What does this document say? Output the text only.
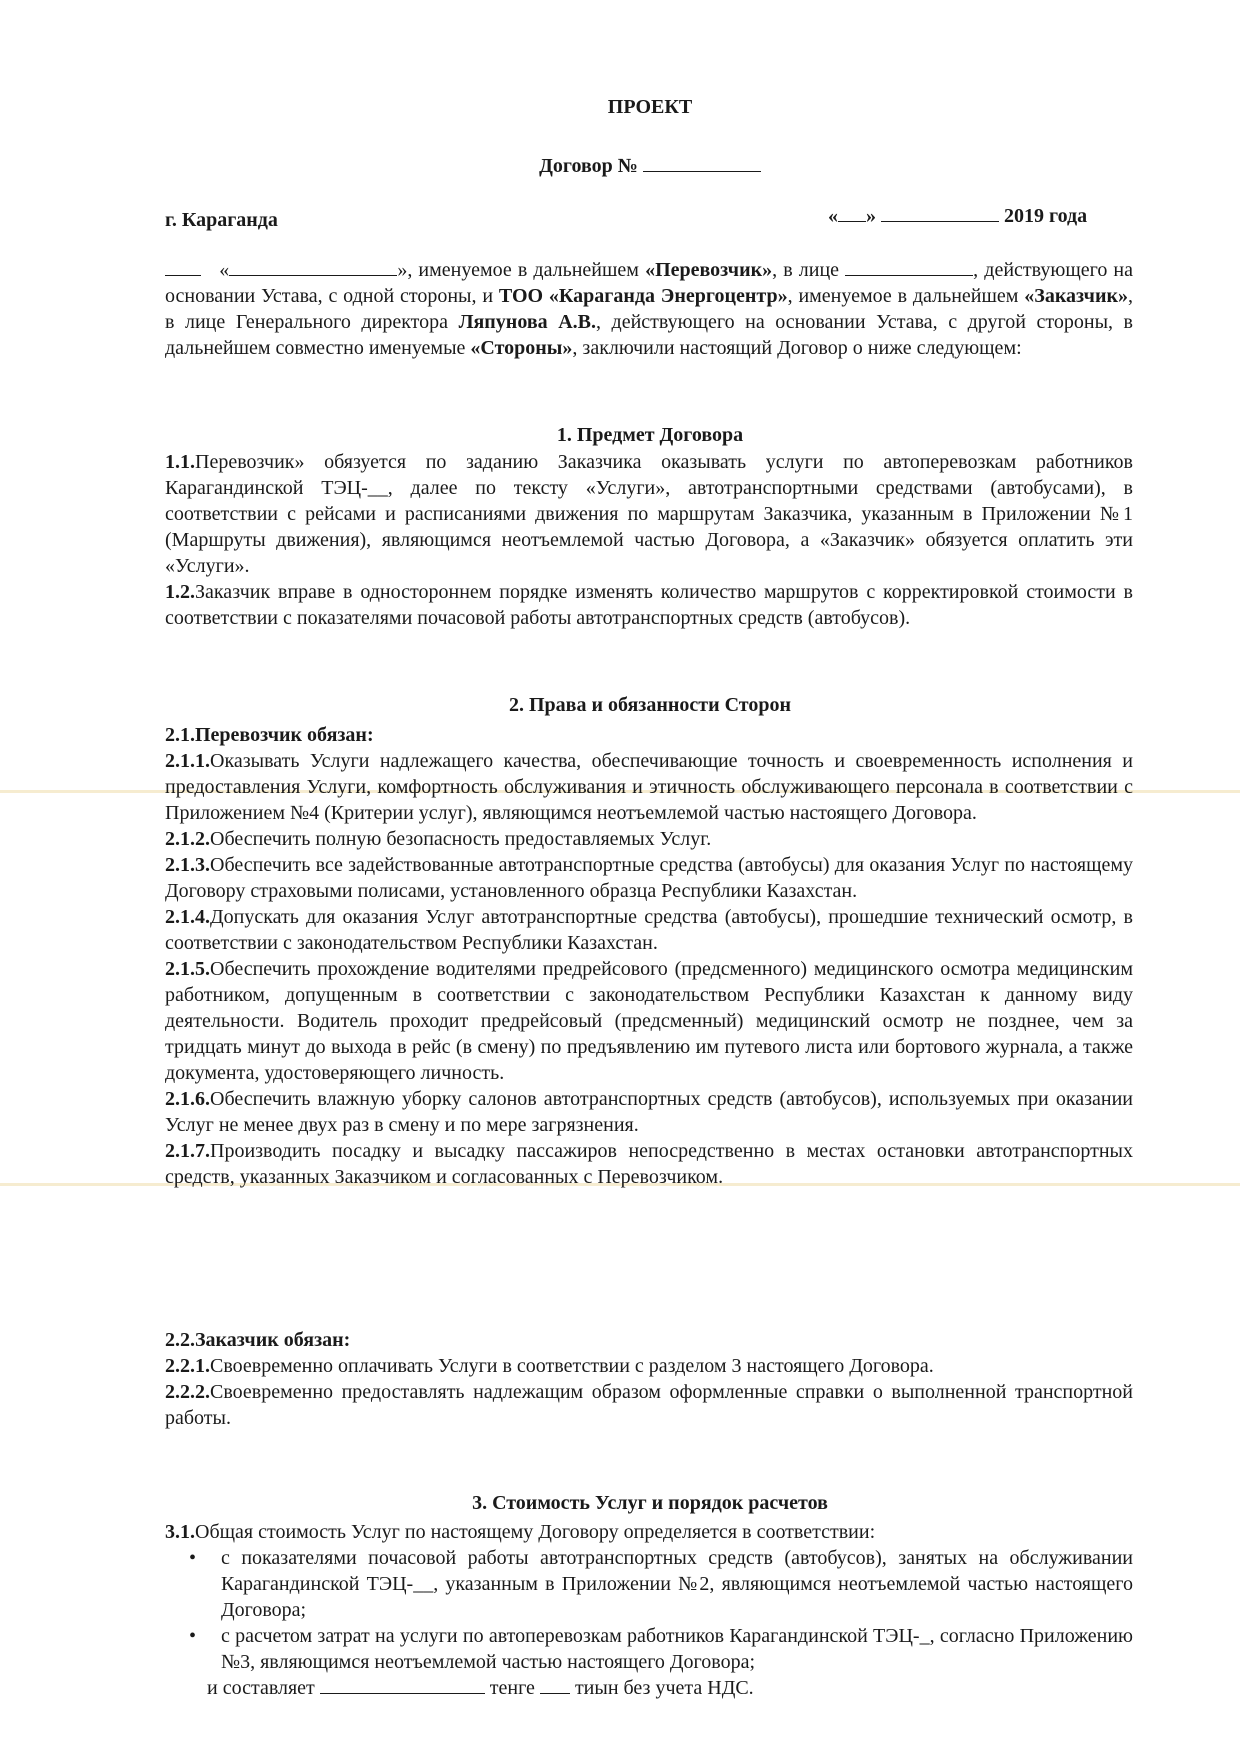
ПРОЕКТ
Договор №
г. Караганда	« »	2019 года

«	», именуемое в дальнейшем «Перевозчик», в лице	, действующего на основании Устава, с одной стороны, и ТОО «Караганда Энергоцентр», именуемое в дальнейшем «Заказчик», в лице Генерального директора Ляпунова А.В., действующего на основании Устава, с другой стороны, в дальнейшем совместно именуемые «Стороны», заключили настоящий Договор о ниже следующем:

1. Предмет Договора

1.1.Перевозчик» обязуется по заданию Заказчика оказывать услуги по автоперевозкам работников Карагандинской ТЭЦ-__, далее по тексту «Услуги», автотранспортными средствами (автобусами), в соответствии с рейсами и расписаниями движения по маршрутам Заказчика, указанным в Приложении №1 (Маршруты движения), являющимся неотъемлемой частью Договора, а «Заказчик» обязуется оплатить эти «Услуги».

1.2.Заказчик вправе в одностороннем порядке изменять количество маршрутов с корректировкой стоимости в соответствии с показателями почасовой работы автотранспортных средств (автобусов).

2. Права и обязанности Сторон

2.1.Перевозчик обязан:

2.1.1.Оказывать Услуги надлежащего качества, обеспечивающие точность и своевременность исполнения и предоставления Услуги, комфортность обслуживания и этичность обслуживающего персонала в соответствии с Приложением №4 (Критерии услуг), являющимся неотъемлемой частью настоящего Договора.

2.1.2.Обеспечить полную безопасность предоставляемых Услуг.

2.1.3.Обеспечить все задействованные автотранспортные средства (автобусы) для оказания Услуг по настоящему Договору страховыми полисами, установленного образца Республики Казахстан.

2.1.4.Допускать для оказания Услуг автотранспортные средства (автобусы), прошедшие технический осмотр, в соответствии с законодательством Республики Казахстан.

2.1.5.Обеспечить прохождение водителями предрейсового (предсменного) медицинского осмотра медицинским работником, допущенным в соответствии с законодательством Республики Казахстан к данному виду деятельности. Водитель проходит предрейсовый (предсменный) медицинский осмотр не позднее, чем за тридцать минут до выхода в рейс (в смену) по предъявлению им путевого листа или бортового журнала, а также документа, удостоверяющего личность.

2.1.6.Обеспечить влажную уборку салонов автотранспортных средств (автобусов), используемых при оказании Услуг не менее двух раз в смену и по мере загрязнения.

2.1.7.Производить посадку и высадку пассажиров непосредственно в местах остановки автотранспортных средств, указанных Заказчиком и согласованных с Перевозчиком.

2.2.Заказчик обязан:

2.2.1.Своевременно оплачивать Услуги в соответствии с разделом 3 настоящего Договора.

2.2.2.Своевременно предоставлять надлежащим образом оформленные справки о выполненной транспортной работы.

3. Стоимость Услуг и порядок расчетов

3.1.Общая стоимость Услуг по настоящему Договору определяется в соответствии:

• с показателями почасовой работы автотранспортных средств (автобусов), занятых на обслуживании Карагандинской ТЭЦ-__, указанным в Приложении №2, являющимся неотъемлемой частью настоящего Договора;
• с расчетом затрат на услуги по автоперевозкам работников Карагандинской ТЭЦ-_, согласно Приложению №3, являющимся неотъемлемой частью настоящего Договора;

и составляет	тенге  тиын без учета НДС.
